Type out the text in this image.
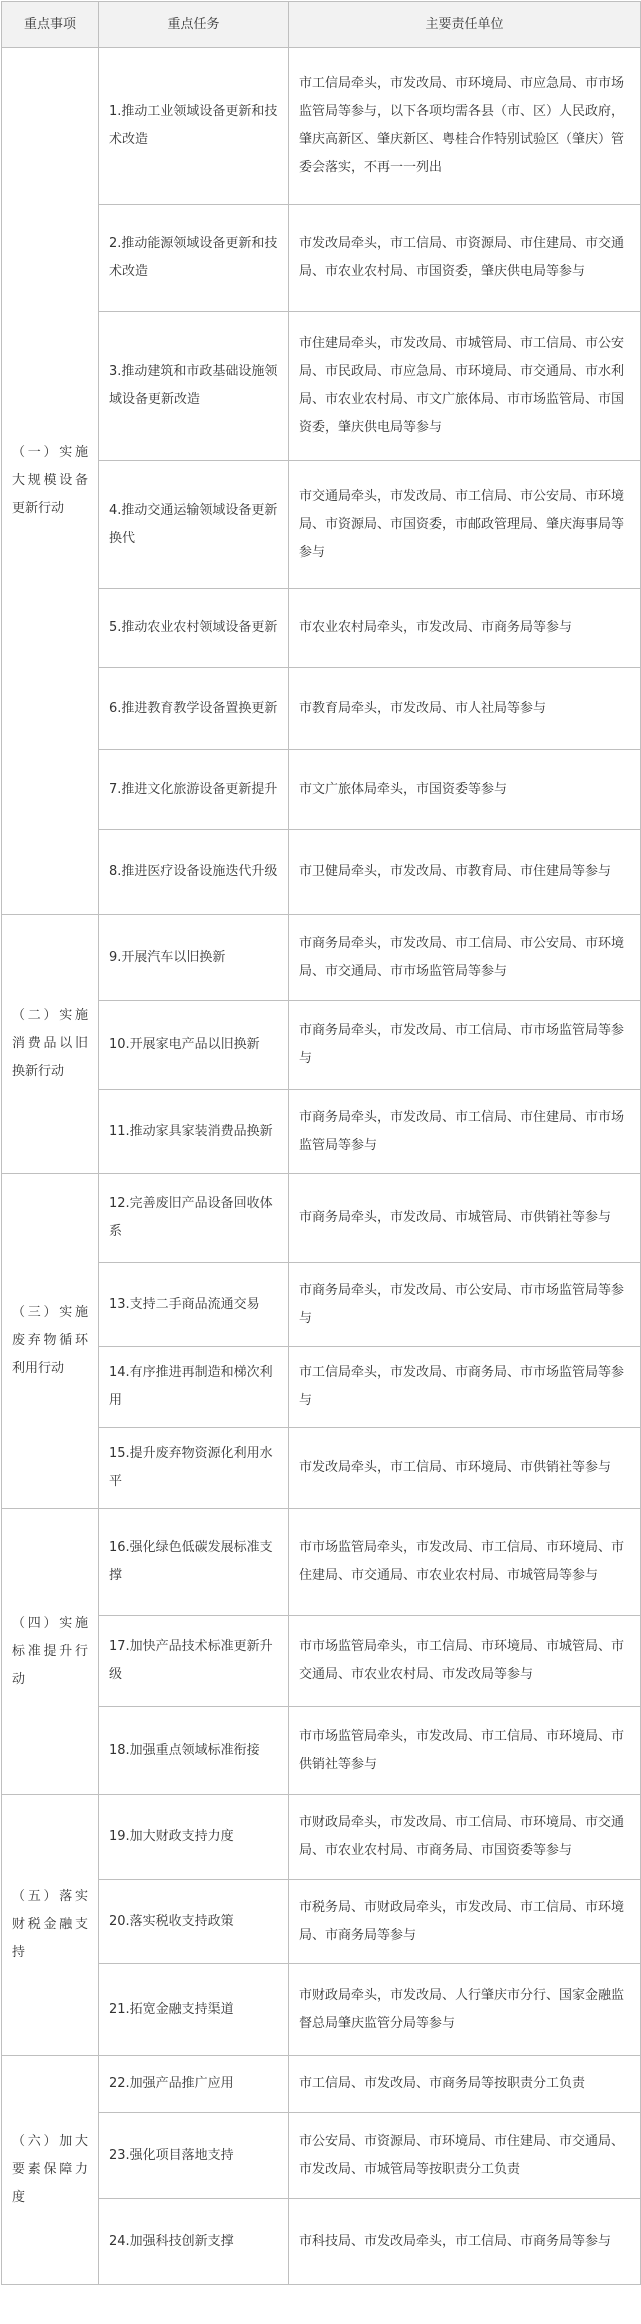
重点事项	重点任务	主要责任单位
（一）实施大规模设备更新行动	1.推动工业领域设备更新和技术改造	市工信局牵头，市发改局、市环境局、市应急局、市市场监管局等参与，以下各项均需各县（市、区）人民政府，肇庆高新区、肇庆新区、粤桂合作特别试验区（肇庆）管委会落实，不再一一列出
	2.推动能源领域设备更新和技术改造	市发改局牵头，市工信局、市资源局、市住建局、市交通局、市农业农村局、市国资委，肇庆供电局等参与
	3.推动建筑和市政基础设施领域设备更新改造	市住建局牵头，市发改局、市城管局、市工信局、市公安局、市民政局、市应急局、市环境局、市交通局、市水利局、市农业农村局、市文广旅体局、市市场监管局、市国资委，肇庆供电局等参与
	4.推动交通运输领域设备更新换代	市交通局牵头，市发改局、市工信局、市公安局、市环境局、市资源局、市国资委，市邮政管理局、肇庆海事局等参与
	5.推动农业农村领域设备更新	市农业农村局牵头，市发改局、市商务局等参与
	6.推进教育教学设备置换更新	市教育局牵头，市发改局、市人社局等参与
	7.推进文化旅游设备更新提升	市文广旅体局牵头，市国资委等参与
	8.推进医疗设备设施迭代升级	市卫健局牵头，市发改局、市教育局、市住建局等参与
（二）实施消费品以旧换新行动	9.开展汽车以旧换新	市商务局牵头，市发改局、市工信局、市公安局、市环境局、市交通局、市市场监管局等参与
	10.开展家电产品以旧换新	市商务局牵头，市发改局、市工信局、市市场监管局等参与
	11.推动家具家装消费品换新	市商务局牵头，市发改局、市工信局、市住建局、市市场监管局等参与
（三）实施废弃物循环利用行动	12.完善废旧产品设备回收体系	市商务局牵头，市发改局、市城管局、市供销社等参与
	13.支持二手商品流通交易	市商务局牵头，市发改局、市公安局、市市场监管局等参与
	14.有序推进再制造和梯次利用	市工信局牵头，市发改局、市商务局、市市场监管局等参与
	15.提升废弃物资源化利用水平	市发改局牵头，市工信局、市环境局、市供销社等参与
（四）实施标准提升行动	16.强化绿色低碳发展标准支撑	市市场监管局牵头，市发改局、市工信局、市环境局、市住建局、市交通局、市农业农村局、市城管局等参与
	17.加快产品技术标准更新升级	市市场监管局牵头，市工信局、市环境局、市城管局、市交通局、市农业农村局、市发改局等参与
	18.加强重点领域标准衔接	市市场监管局牵头，市发改局、市工信局、市环境局、市供销社等参与
（五）落实财税金融支持	19.加大财政支持力度	市财政局牵头，市发改局、市工信局、市环境局、市交通局、市农业农村局、市商务局、市国资委等参与
	20.落实税收支持政策	市税务局、市财政局牵头，市发改局、市工信局、市环境局、市商务局等参与
	21.拓宽金融支持渠道	市财政局牵头，市发改局、人行肇庆市分行、国家金融监督总局肇庆监管分局等参与
（六）加大要素保障力度	22.加强产品推广应用	市工信局、市发改局、市商务局等按职责分工负责
	23.强化项目落地支持	市公安局、市资源局、市环境局、市住建局、市交通局、市发改局、市城管局等按职责分工负责
	24.加强科技创新支撑	市科技局、市发改局牵头，市工信局、市商务局等参与
